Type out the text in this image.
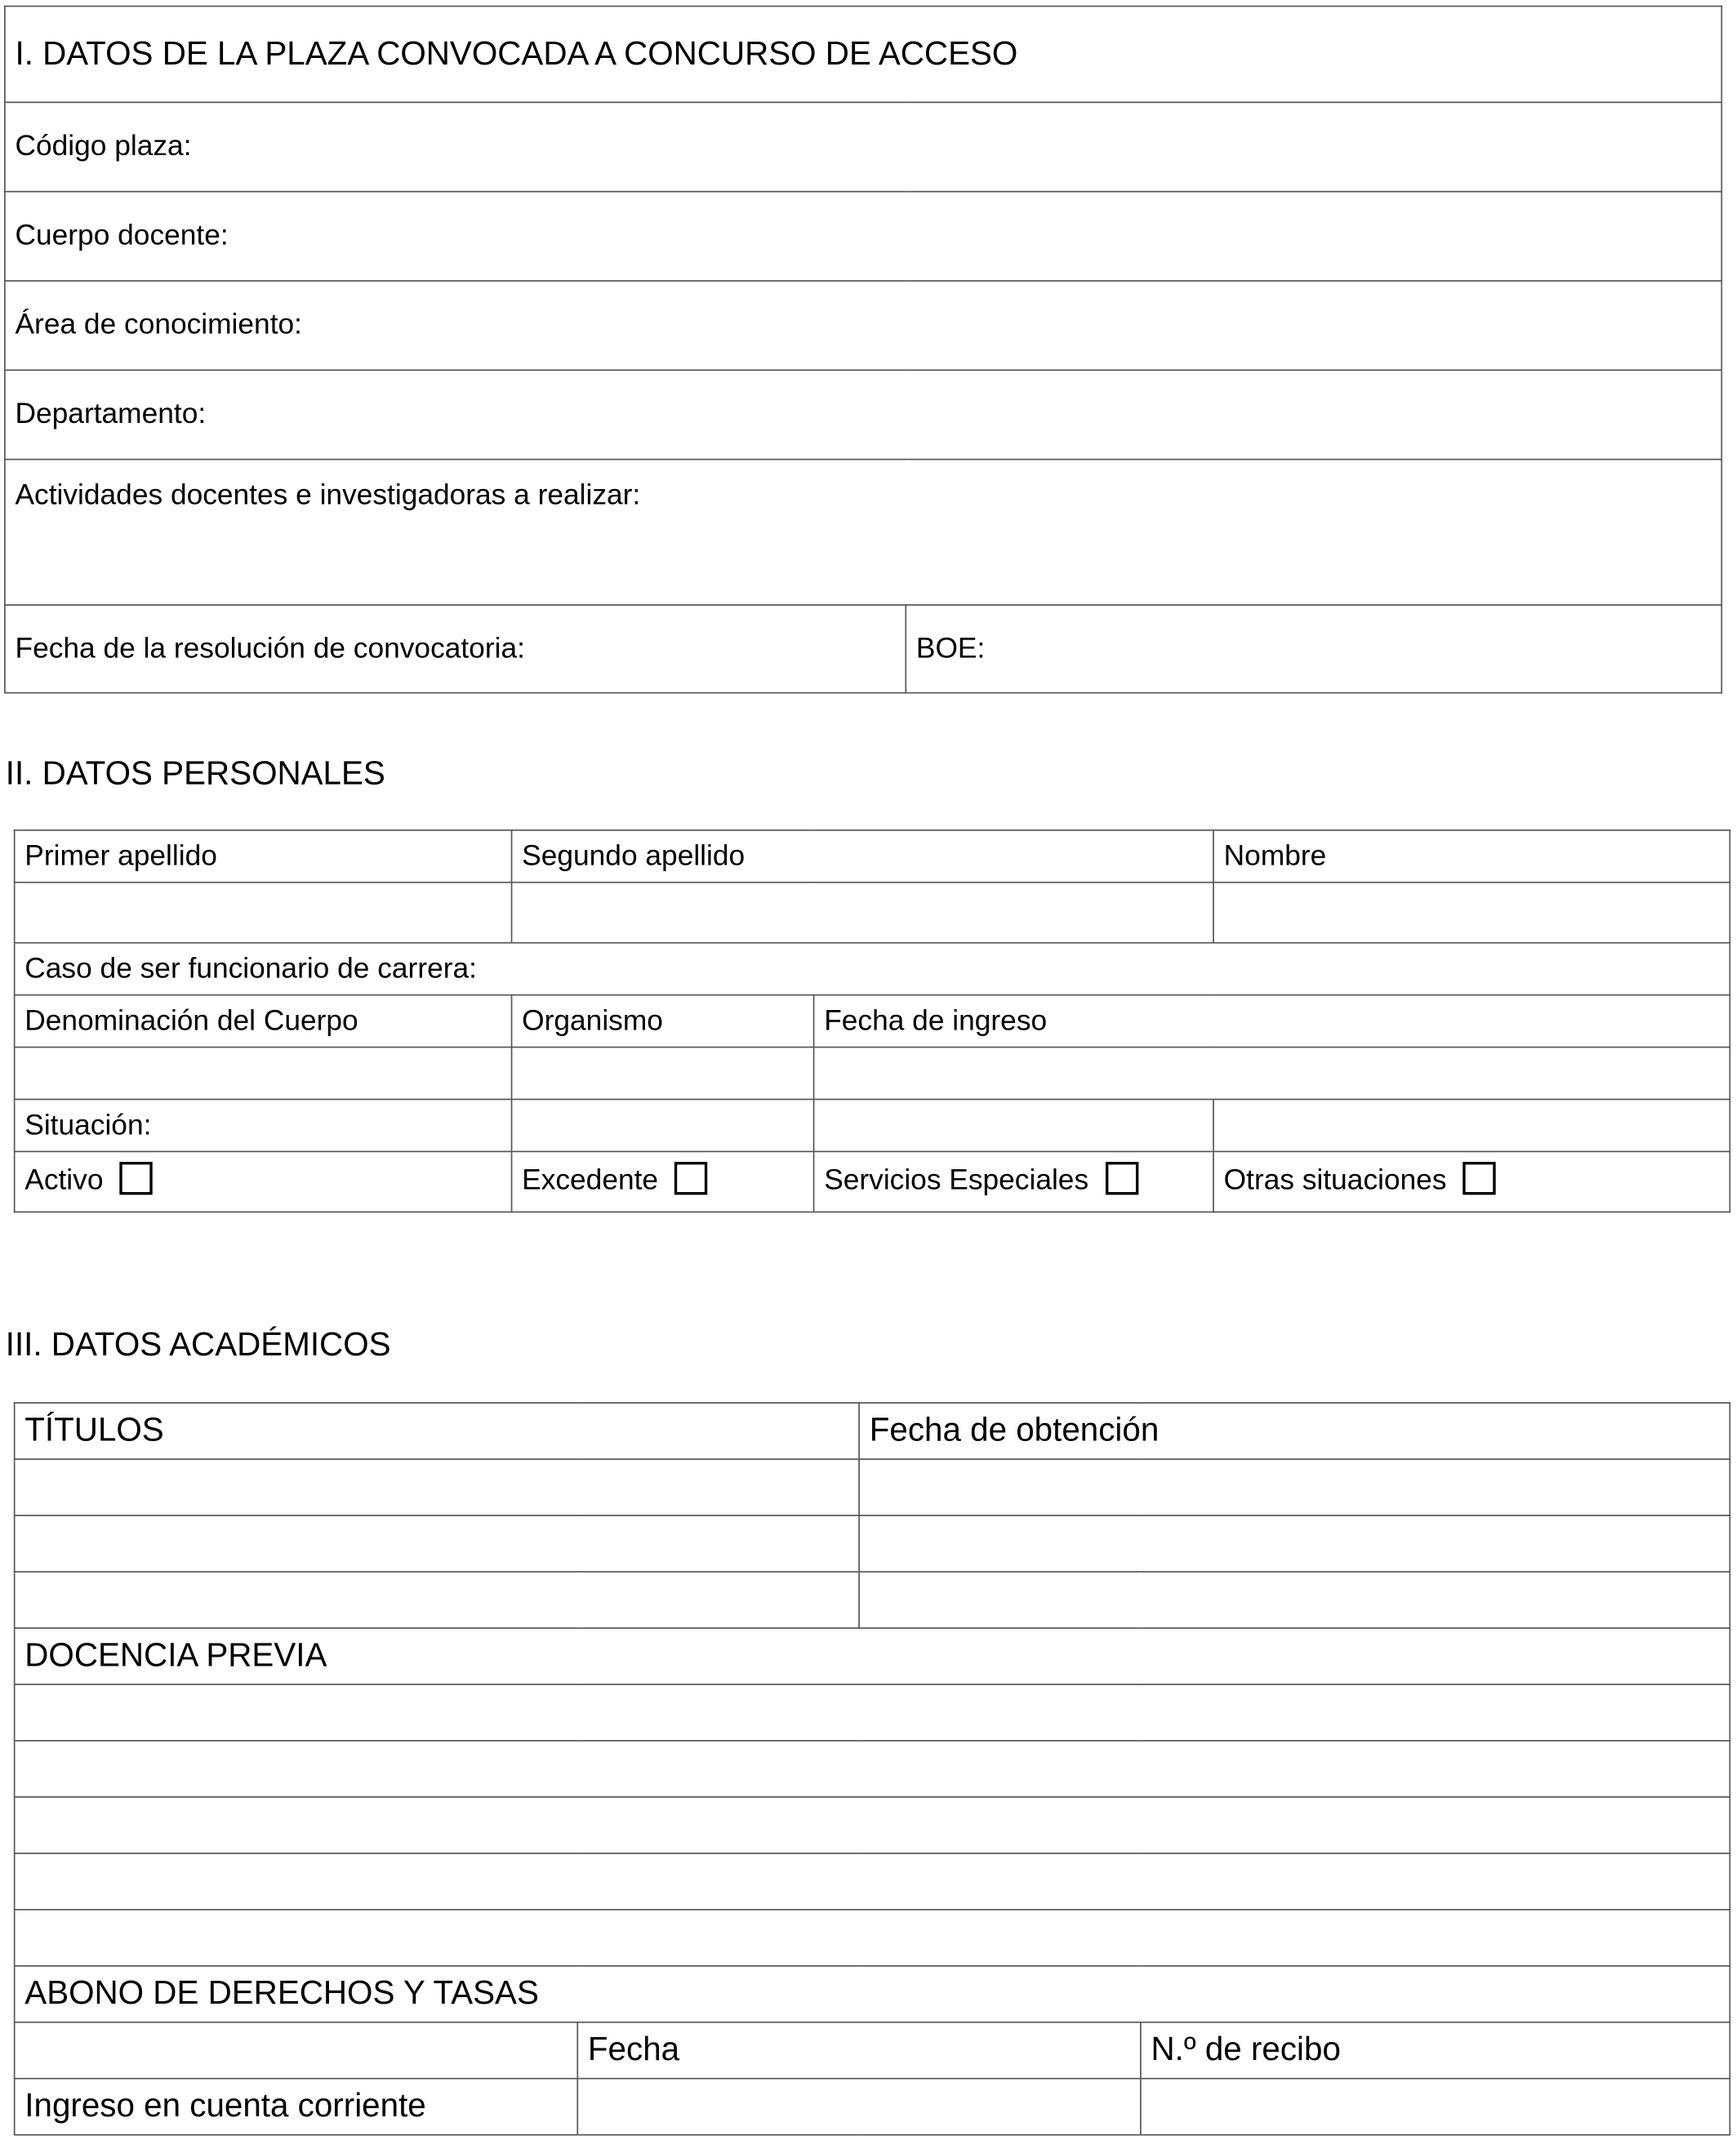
I. DATOS DE LA PLAZA CONVOCADA A CONCURSO DE ACCESO
Código plaza:
Cuerpo docente:
Área de conocimiento:
Departamento:
Actividades docentes e investigadoras a realizar:
Fecha de la resolución de convocatoria:	BOE:
II. DATOS PERSONALES
Primer apellido	Segundo apellido		Nombre

Caso de ser funcionario de carrera:			
Denominación del Cuerpo	Organismo	Fecha de ingreso	

Situación:			
Activo	Excedente	Servicios Especiales	Otras situaciones
III. DATOS ACADÉMICOS
TÍTULOS		Fecha de obtención	

DOCENCIA PREVIA			

ABONO DE DERECHOS Y TASAS			
	Fecha		N.º de recibo
Ingreso en cuenta corriente			
